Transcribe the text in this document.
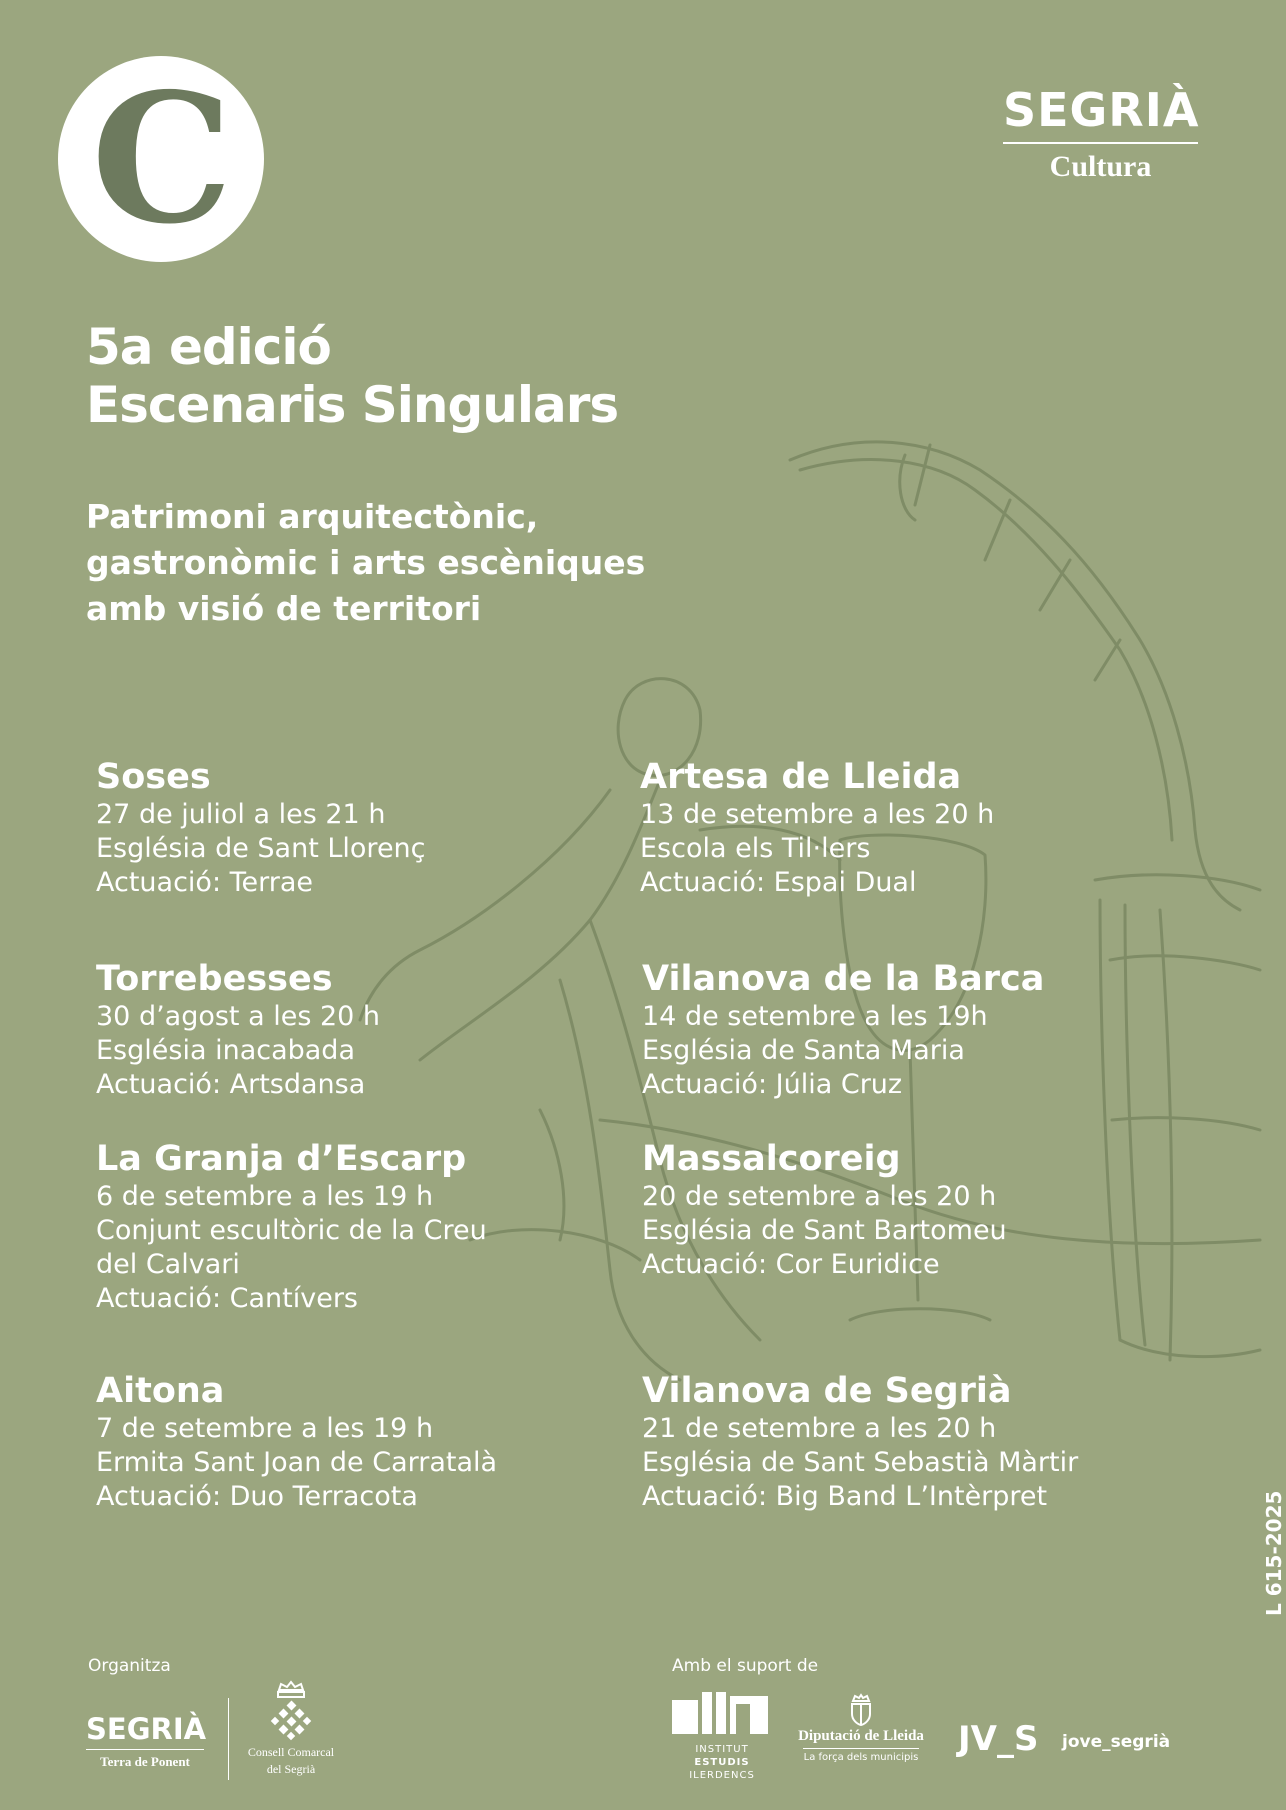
C	SEGRIÀ
Cultura
5a edició
Escenaris Singulars
Patrimoni arquitectònic,
gastronòmic i arts escèniques
amb visió de territori
Soses
27 de juliol a les 21 h
Església de Sant Llorenç
Actuació: Terrae
Torrebesses
30 d’agost a les 20 h
Església inacabada
Actuació: Artsdansa
La Granja d’Escarp
6 de setembre a les 19 h
Conjunt escultòric de la Creu
del Calvari
Actuació: Cantívers
Aitona
7 de setembre a les 19 h
Ermita Sant Joan de Carratalà
Actuació: Duo Terracota
Artesa de Lleida
13 de setembre a les 20 h
Escola els Til·lers
Actuació: Espai Dual
Vilanova de la Barca
14 de setembre a les 19h
Església de Santa Maria
Actuació: Júlia Cruz
Massalcoreig
20 de setembre a les 20 h
Església de Sant Bartomeu
Actuació: Cor Euridice
Vilanova de Segrià
21 de setembre a les 20 h
Església de Sant Sebastià Màrtir
Actuació: Big Band L’Intèrpret	L 615-2025
Organitza	Amb el suport de
SEGRIÀ
Terra de Ponent
Consell Comarcal
del Segrià
INSTITUT
ESTUDIS
ILERDENCS
Diputació de Lleida
La força dels municipis	JV_S jove_segrià
